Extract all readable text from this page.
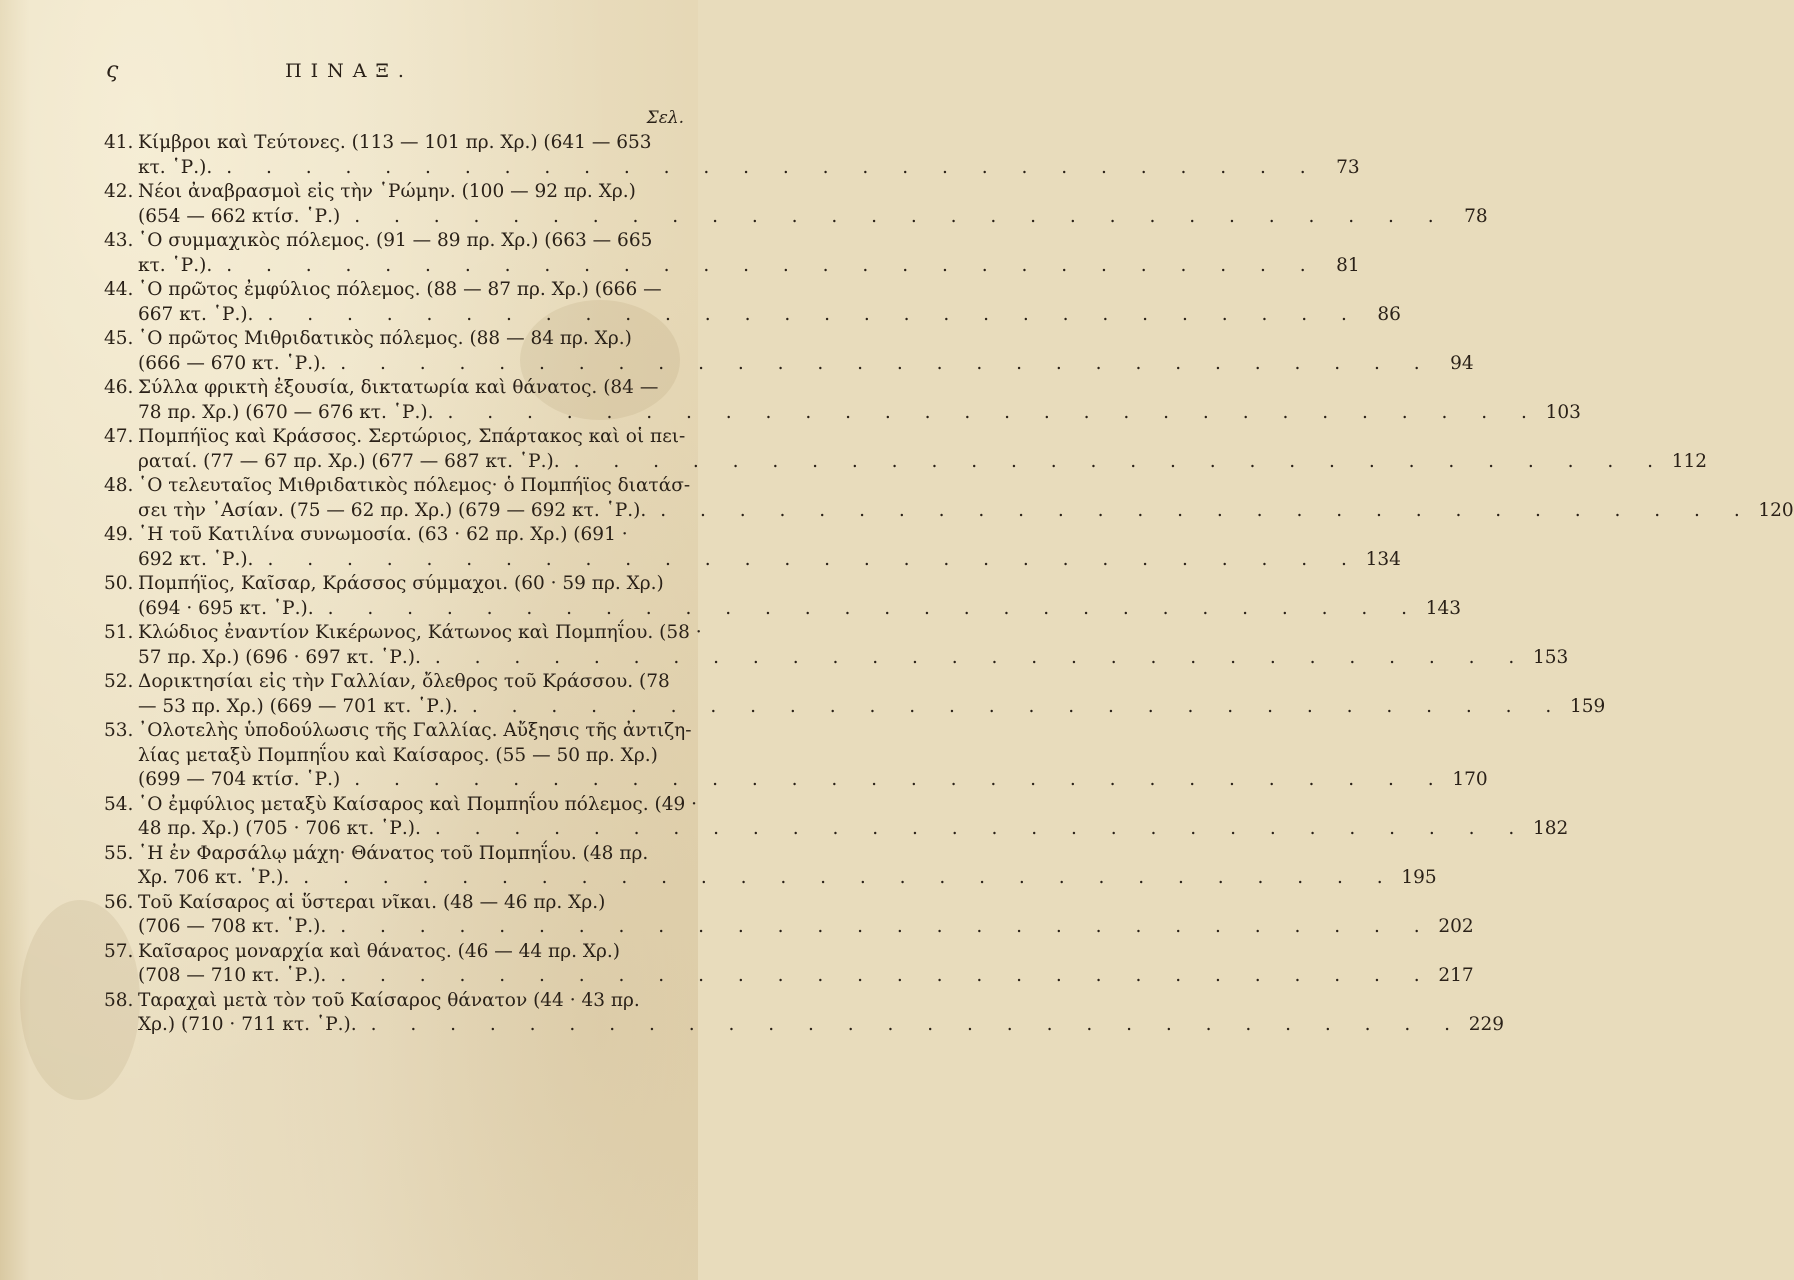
ς	ΠΙΝΑΞ.
Σελ.
41. Κίμβροι καὶ Τεύτονες. (113 — 101 πρ. Χρ.) (641 — 653
κτ. ῾Ρ.). . . . . . . . . . . . . . . . . . . . . . . . . . . . . 73
42. Νέοι ἀναβρασμοὶ εἰς τὴν ῾Ρώμην. (100 — 92 πρ. Χρ.)
(654 — 662 κτίσ. ῾Ρ.) . . . . . . . . . . . . . . . . . . . . . . . . . . . . 78
43. ῾Ο συμμαχικὸς πόλεμος. (91 — 89 πρ. Χρ.) (663 — 665
κτ. ῾Ρ.). . . . . . . . . . . . . . . . . . . . . . . . . . . . . 81
44. ῾Ο πρῶτος ἐμφύλιος πόλεμος. (88 — 87 πρ. Χρ.) (666 —
667 κτ. ῾Ρ.). . . . . . . . . . . . . . . . . . . . . . . . . . . . . 86
45. ῾Ο πρῶτος Μιθριδατικὸς πόλεμος. (88 — 84 πρ. Χρ.)
(666 — 670 κτ. ῾Ρ.). . . . . . . . . . . . . . . . . . . . . . . . . . . . . 94
46. Σύλλα φρικτὴ ἐξουσία, δικτατωρία καὶ θάνατος. (84 —
78 πρ. Χρ.) (670 — 676 κτ. ῾Ρ.). . . . . . . . . . . . . . . . . . . . . . . . . . . . . 103
47. Πομπήϊος καὶ Κράσσος. Σερτώριος, Σπάρτακος καὶ οἱ πει-
ραταί. (77 — 67 πρ. Χρ.) (677 — 687 κτ. ῾Ρ.). . . . . . . . . . . . . . . . . . . . . . . . . . . . . 112
48. ῾Ο τελευταῖος Μιθριδατικὸς πόλεμος· ὁ Πομπήϊος διατάσ-
σει τὴν ᾿Ασίαν. (75 — 62 πρ. Χρ.) (679 — 692 κτ. ῾Ρ.). . . . . . . . . . . . . . . . . . . . . . . . . . . . . 120
49. ῾Η τοῦ Κατιλίνα συνωμοσία. (63 · 62 πρ. Χρ.) (691 ·
692 κτ. ῾Ρ.). . . . . . . . . . . . . . . . . . . . . . . . . . . . . 134
50. Πομπήϊος, Καῖσαρ, Κράσσος σύμμαχοι. (60 · 59 πρ. Χρ.)
(694 · 695 κτ. ῾Ρ.). . . . . . . . . . . . . . . . . . . . . . . . . . . . . 143
51. Κλώδιος ἐναντίον Κικέρωνος, Κάτωνος καὶ Πομπηΐου. (58 ·
57 πρ. Χρ.) (696 · 697 κτ. ῾Ρ.). . . . . . . . . . . . . . . . . . . . . . . . . . . . . 153
52. Δορικτησίαι εἰς τὴν Γαλλίαν, ὄλεθρος τοῦ Κράσσου. (78
— 53 πρ. Χρ.) (669 — 701 κτ. ῾Ρ.). . . . . . . . . . . . . . . . . . . . . . . . . . . . . 159
53. ᾿Ολοτελὴς ὑποδούλωσις τῆς Γαλλίας. Αὔξησις τῆς ἀντιζη-
λίας μεταξὺ Πομπηΐου καὶ Καίσαρος. (55 — 50 πρ. Χρ.)
(699 — 704 κτίσ. ῾Ρ.) . . . . . . . . . . . . . . . . . . . . . . . . . . . . 170
54. ῾Ο ἐμφύλιος μεταξὺ Καίσαρος καὶ Πομπηΐου πόλεμος. (49 ·
48 πρ. Χρ.) (705 · 706 κτ. ῾Ρ.). . . . . . . . . . . . . . . . . . . . . . . . . . . . . 182
55. ῾Η ἐν Φαρσάλῳ μάχη· Θάνατος τοῦ Πομπηΐου. (48 πρ.
Χρ. 706 κτ. ῾Ρ.). . . . . . . . . . . . . . . . . . . . . . . . . . . . . 195
56. Τοῦ Καίσαρος αἱ ὕστεραι νῖκαι. (48 — 46 πρ. Χρ.)
(706 — 708 κτ. ῾Ρ.). . . . . . . . . . . . . . . . . . . . . . . . . . . . . 202
57. Καῖσαρος μοναρχία καὶ θάνατος. (46 — 44 πρ. Χρ.)
(708 — 710 κτ. ῾Ρ.). . . . . . . . . . . . . . . . . . . . . . . . . . . . . 217
58. Ταραχαὶ μετὰ τὸν τοῦ Καίσαρος θάνατον (44 · 43 πρ.
Χρ.) (710 · 711 κτ. ῾Ρ.). . . . . . . . . . . . . . . . . . . . . . . . . . . . . 229
